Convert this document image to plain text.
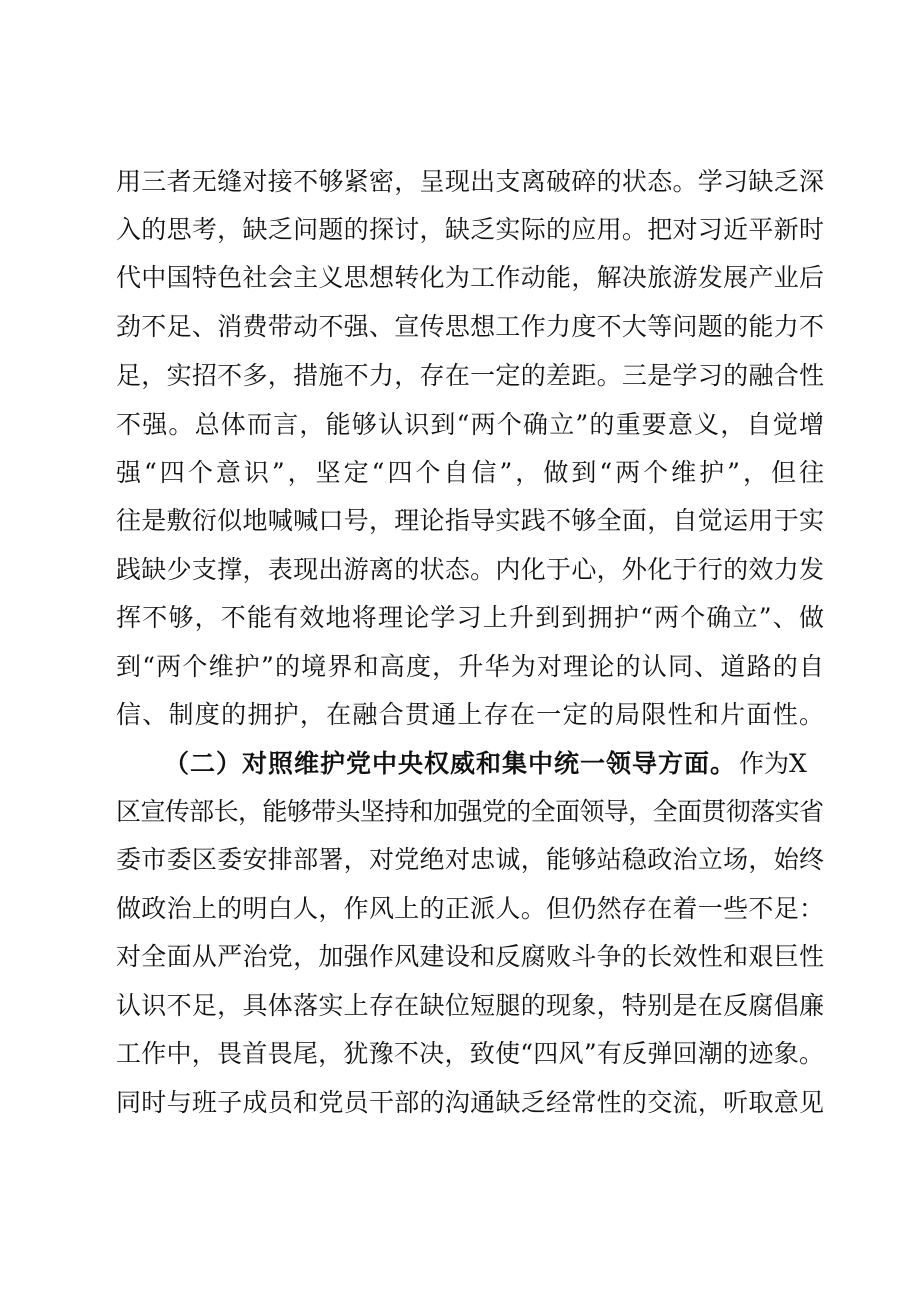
用三者无缝对接不够紧密，呈现出支离破碎的状态。学习缺乏深
入的思考，缺乏问题的探讨，缺乏实际的应用。把对习近平新时
代中国特色社会主义思想转化为工作动能，解决旅游发展产业后
劲不足、消费带动不强、宣传思想工作力度不大等问题的能力不
足，实招不多，措施不力，存在一定的差距。三是学习的融合性
不强。总体而言，能够认识到“两个确立”的重要意义，自觉增
强“四个意识”，坚定“四个自信”，做到“两个维护”，但往
往是敷衍似地喊喊口号，理论指导实践不够全面，自觉运用于实
践缺少支撑，表现出游离的状态。内化于心，外化于行的效力发
挥不够，不能有效地将理论学习上升到到拥护“两个确立”、做
到“两个维护”的境界和高度，升华为对理论的认同、道路的自
信、制度的拥护，在融合贯通上存在一定的局限性和片面性。
（二）对照维护党中央权威和集中统一领导方面。 作为X
区宣传部长，能够带头坚持和加强党的全面领导，全面贯彻落实省
委市委区委安排部署，对党绝对忠诚，能够站稳政治立场，始终
做政治上的明白人，作风上的正派人。但仍然存在着一些不足：
对全面从严治党，加强作风建设和反腐败斗争的长效性和艰巨性
认识不足，具体落实上存在缺位短腿的现象，特别是在反腐倡廉
工作中，畏首畏尾，犹豫不决，致使“四风”有反弹回潮的迹象。
同时与班子成员和党员干部的沟通缺乏经常性的交流，听取意见
